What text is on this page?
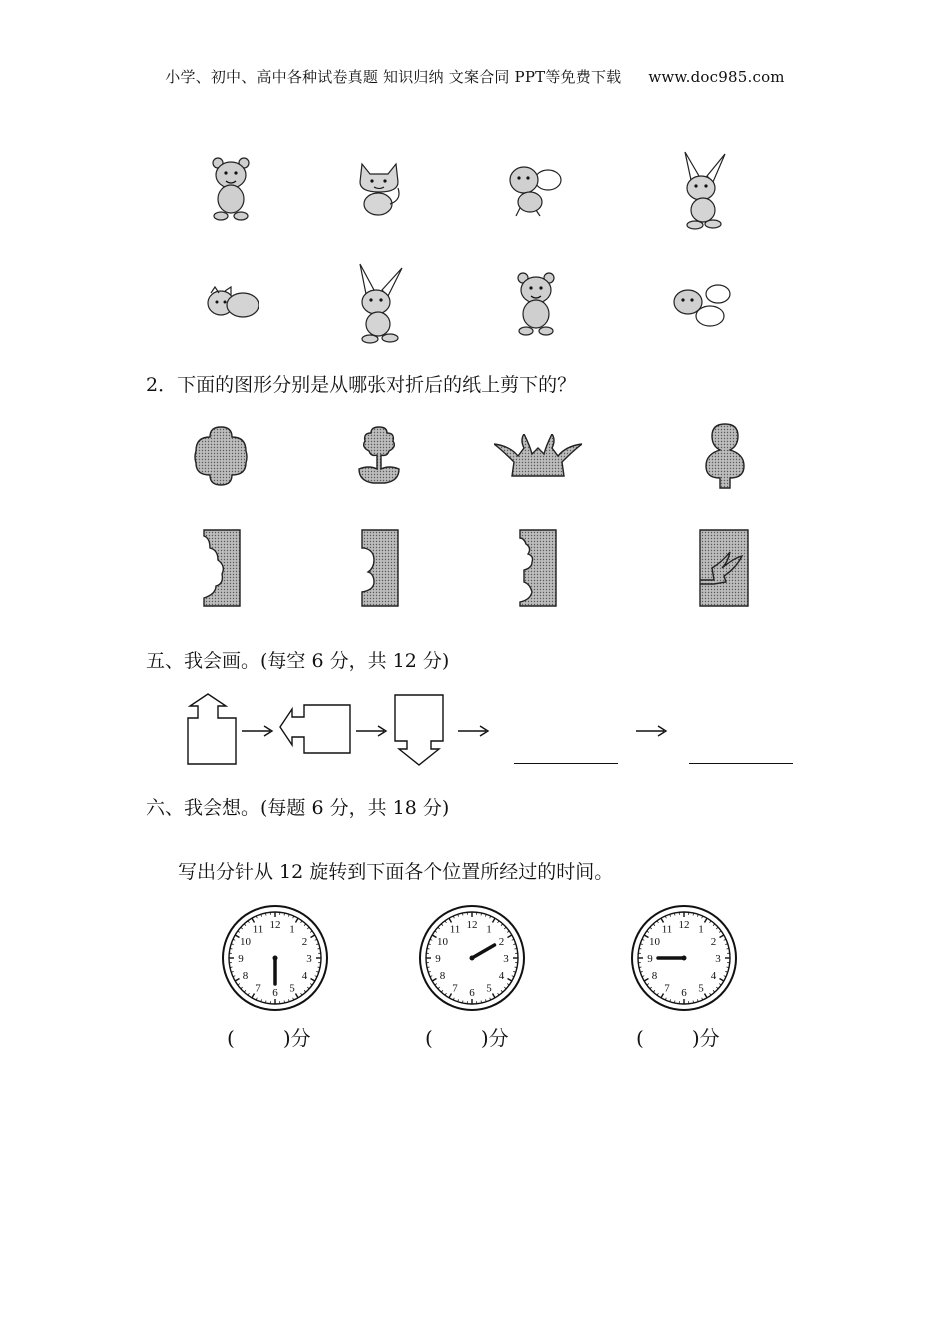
小学、初中、高中各种试卷真题 知识归纳 文案合同 PPT等免费下载 www.doc985.com
2．下面的图形分别是从哪张对折后的纸上剪下的？
五、我会画。(每空 6 分，共 12 分)
六、我会想。(每题 6 分，共 18 分)
写出分针从 12 旋转到下面各个位置所经过的时间。
12 1
2
3
4
5
6
7
8
9
10
11	12 1
2
3
4
5
6
7
8
9
10
11	12 1
2
3
4
5
6
7
8
9
10
11
( )分	( )分	( )分
